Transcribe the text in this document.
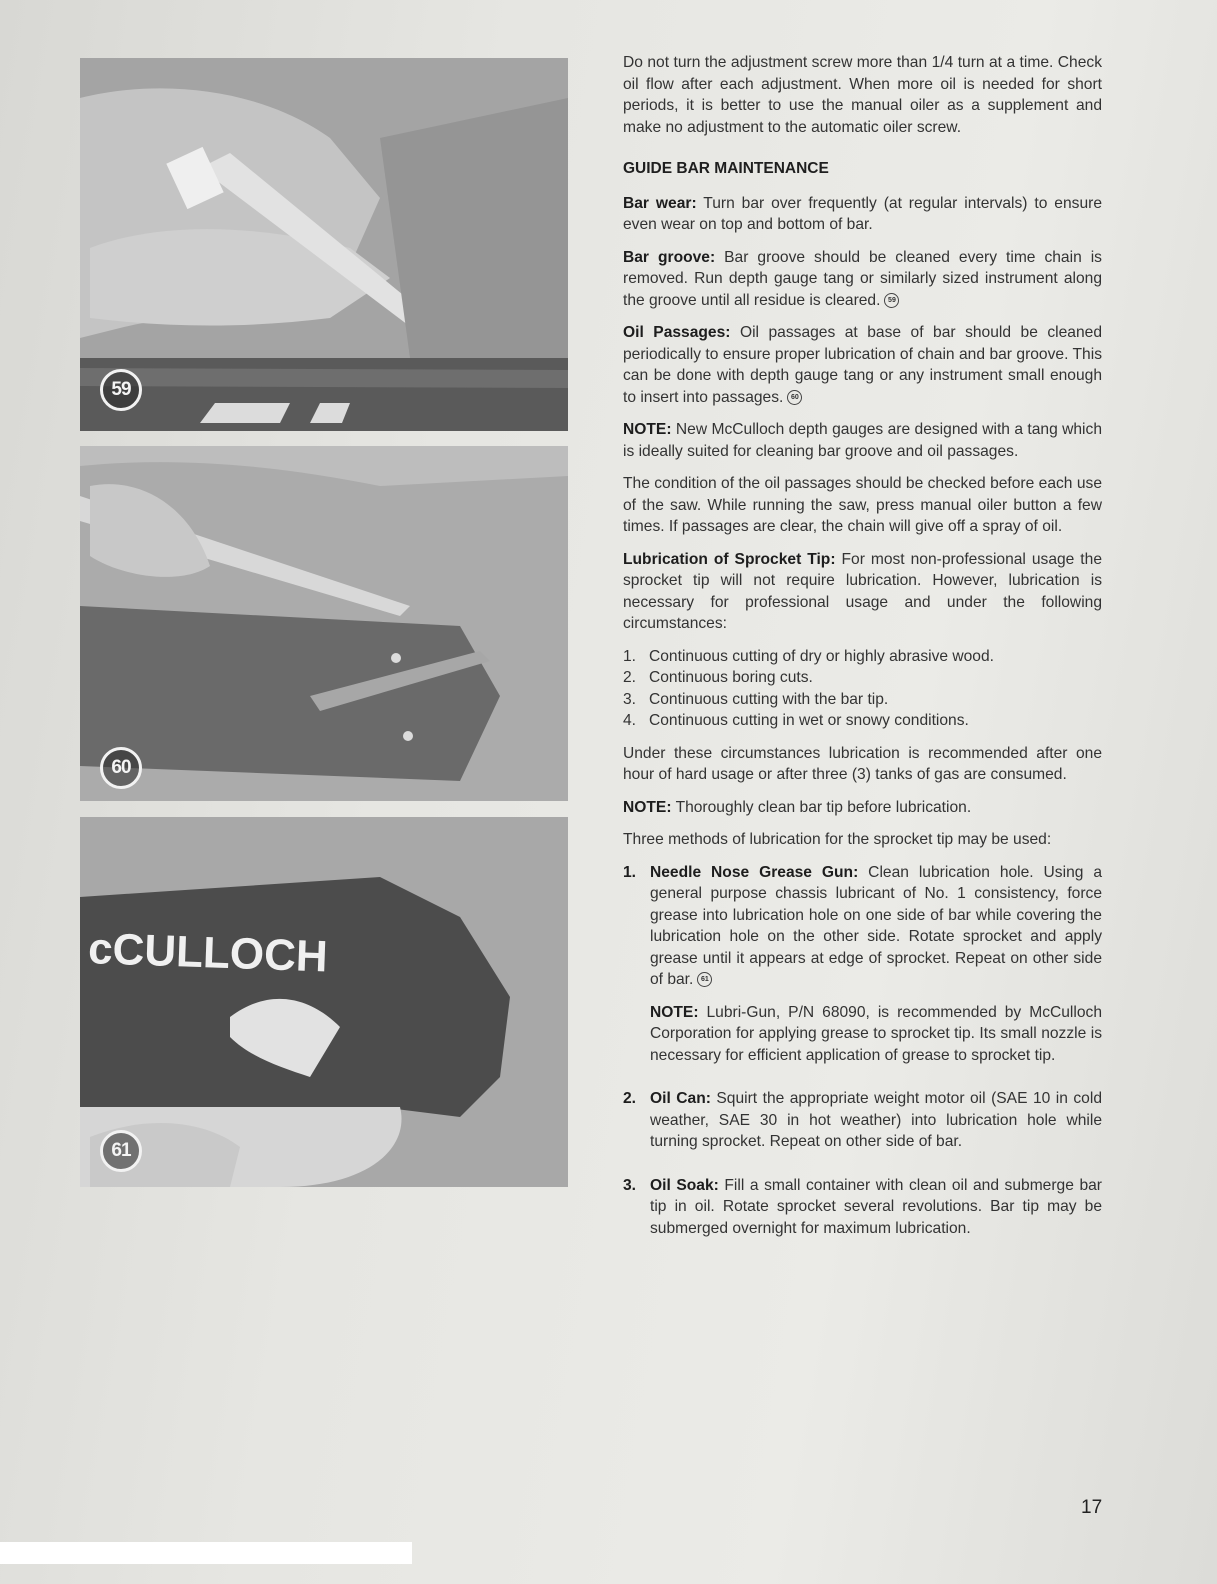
59
60
cCULLOCH
61

Do not turn the adjustment screw more than 1/4 turn at a time. Check oil flow after each adjustment. When more oil is needed for short periods, it is better to use the manual oiler as a supplement and make no adjustment to the automatic oiler screw.

GUIDE BAR MAINTENANCE

Bar wear: Turn bar over frequently (at regular intervals) to ensure even wear on top and bottom of bar.

Bar groove: Bar groove should be cleaned every time chain is removed. Run depth gauge tang or similarly sized instrument along the groove until all residue is cleared. 59

Oil Passages: Oil passages at base of bar should be cleaned periodically to ensure proper lubrication of chain and bar groove. This can be done with depth gauge tang or any instrument small enough to insert into passages. 60

NOTE: New McCulloch depth gauges are designed with a tang which is ideally suited for cleaning bar groove and oil passages.

The condition of the oil passages should be checked before each use of the saw. While running the saw, press manual oiler button a few times. If passages are clear, the chain will give off a spray of oil.

Lubrication of Sprocket Tip: For most non-professional usage the sprocket tip will not require lubrication. However, lubrication is necessary for professional usage and under the following circumstances:

1. Continuous cutting of dry or highly abrasive wood.
2. Continuous boring cuts.
3. Continuous cutting with the bar tip.
4. Continuous cutting in wet or snowy conditions.

Under these circumstances lubrication is recommended after one hour of hard usage or after three (3) tanks of gas are consumed.

NOTE: Thoroughly clean bar tip before lubrication.

Three methods of lubrication for the sprocket tip may be used:

1. Needle Nose Grease Gun: Clean lubrication hole. Using a general purpose chassis lubricant of No. 1 consistency, force grease into lubrication hole on one side of bar while covering the lubrication hole on the other side. Rotate sprocket and apply grease until it appears at edge of sprocket. Repeat on other side of bar. 61

NOTE: Lubri-Gun, P/N 68090, is recommended by McCulloch Corporation for applying grease to sprocket tip. Its small nozzle is necessary for efficient application of grease to sprocket tip.

2. Oil Can: Squirt the appropriate weight motor oil (SAE 10 in cold weather, SAE 30 in hot weather) into lubrication hole while turning sprocket. Repeat on other side of bar.

3. Oil Soak: Fill a small container with clean oil and submerge bar tip in oil. Rotate sprocket several revolutions. Bar tip may be submerged overnight for maximum lubrication.

17
